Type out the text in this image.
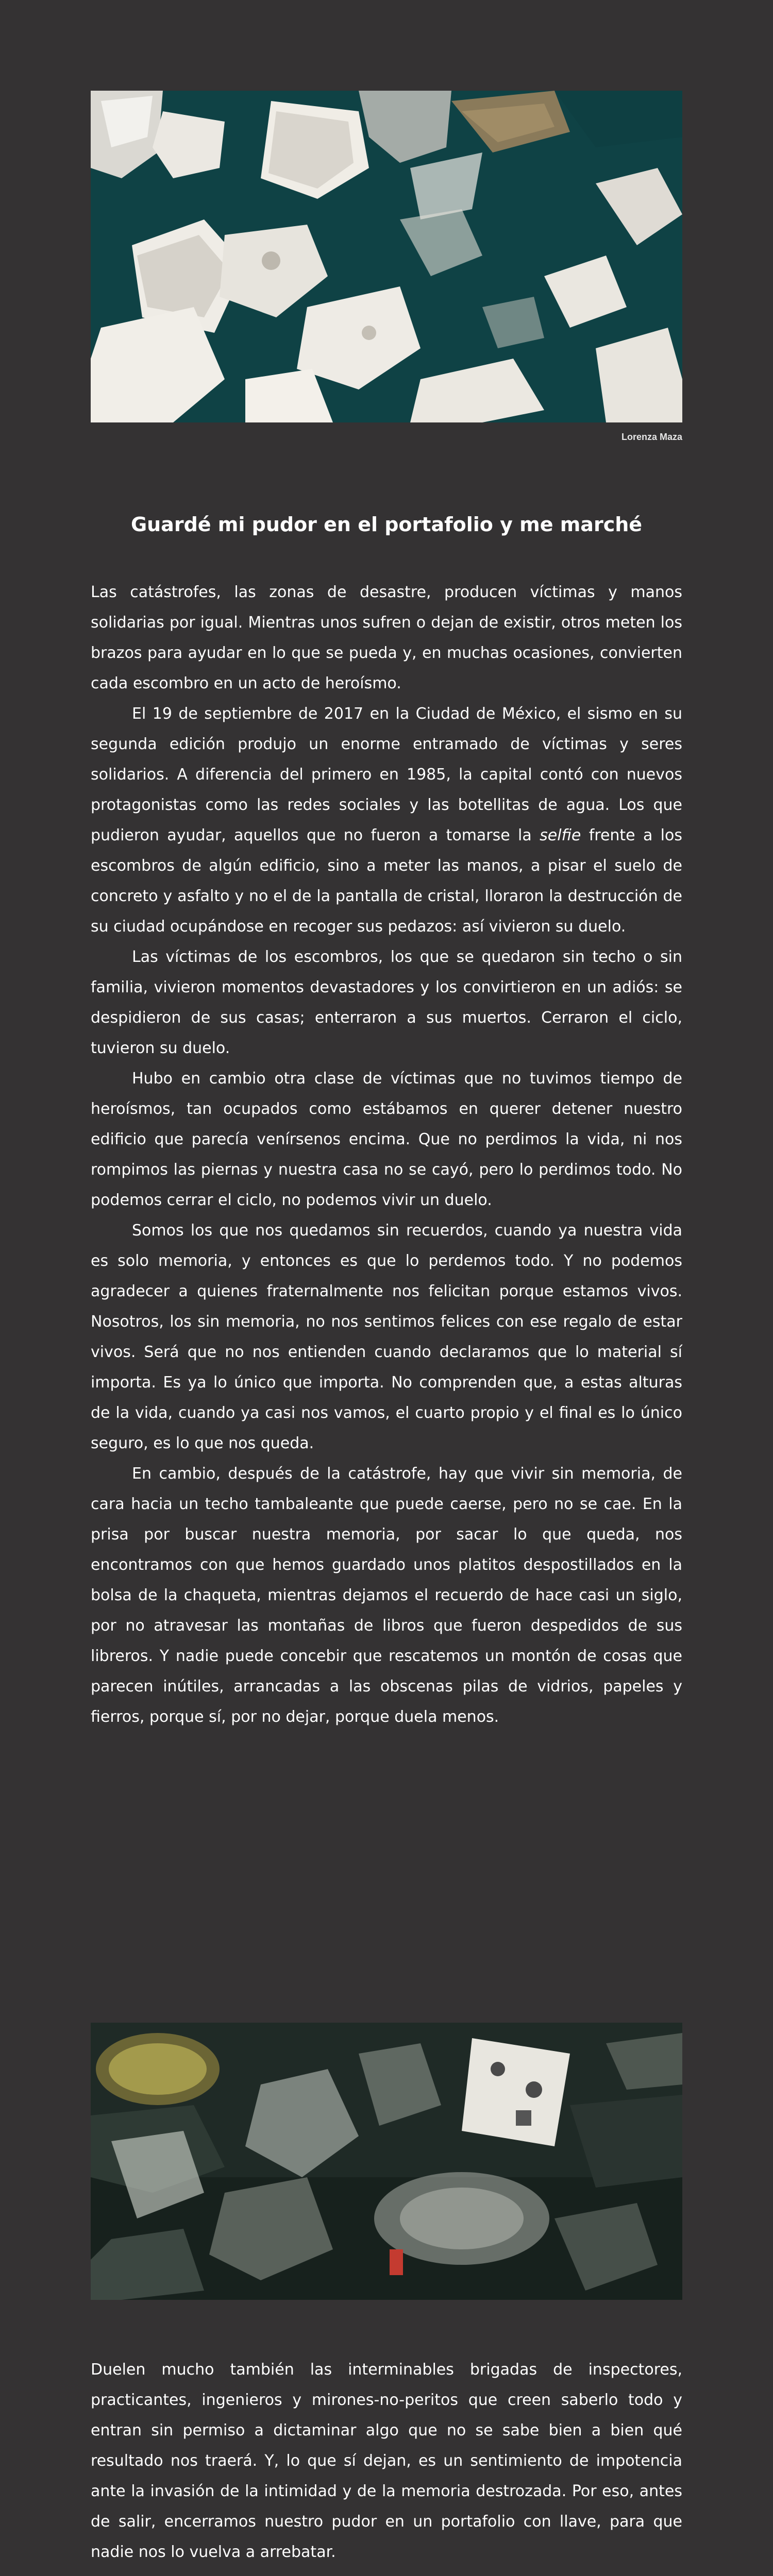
Lorenza Maza
Guardé mi pudor en el portafolio y me marché

Las catástrofes, las zonas de desastre, producen víctimas y manos solidarias por igual. Mientras unos sufren o dejan de existir, otros meten los brazos para ayudar en lo que se pueda y, en muchas ocasiones, convierten cada escombro en un acto de heroísmo.

El 19 de septiembre de 2017 en la Ciudad de México, el sismo en su segunda edición produjo un enorme entramado de víctimas y seres solidarios. A diferencia del primero en 1985, la capital contó con nuevos protagonistas como las redes sociales y las botellitas de agua. Los que pudieron ayudar, aquellos que no fueron a tomarse la selfie frente a los escombros de algún edificio, sino a meter las manos, a pisar el suelo de concreto y asfalto y no el de la pantalla de cristal, lloraron la destrucción de su ciudad ocupándose en recoger sus pedazos: así vivieron su duelo.

Las víctimas de los escombros, los que se quedaron sin techo o sin familia, vivieron momentos devastadores y los convirtieron en un adiós: se despidieron de sus casas; enterraron a sus muertos. Cerraron el ciclo, tuvieron su duelo.

Hubo en cambio otra clase de víctimas que no tuvimos tiempo de heroísmos, tan ocupados como estábamos en querer detener nuestro edificio que parecía venírsenos encima. Que no perdimos la vida, ni nos rompimos las piernas y nuestra casa no se cayó, pero lo perdimos todo. No podemos cerrar el ciclo, no podemos vivir un duelo.

Somos los que nos quedamos sin recuerdos, cuando ya nuestra vida es solo memoria, y entonces es que lo perdemos todo. Y no podemos agradecer a quienes fraternalmente nos felicitan porque estamos vivos. Nosotros, los sin memoria, no nos sentimos felices con ese regalo de estar vivos. Será que no nos entienden cuando declaramos que lo material sí importa. Es ya lo único que importa. No comprenden que, a estas alturas de la vida, cuando ya casi nos vamos, el cuarto propio y el final es lo único seguro, es lo que nos queda.

En cambio, después de la catástrofe, hay que vivir sin memoria, de cara hacia un techo tambaleante que puede caerse, pero no se cae. En la prisa por buscar nuestra memoria, por sacar lo que queda, nos encontramos con que hemos guardado unos platitos despostillados en la bolsa de la chaqueta, mientras dejamos el recuerdo de hace casi un siglo, por no atravesar las montañas de libros que fueron despedidos de sus libreros. Y nadie puede concebir que rescatemos un montón de cosas que parecen inútiles, arrancadas a las obscenas pilas de vidrios, papeles y fierros, porque sí, por no dejar, porque duela menos.

Duelen mucho también las interminables brigadas de inspectores, practicantes, ingenieros y mirones-no-peritos que creen saberlo todo y entran sin permiso a dictaminar algo que no se sabe bien a bien qué resultado nos traerá. Y, lo que sí dejan, es un sentimiento de impotencia ante la invasión de la intimidad y de la memoria destrozada. Por eso, antes de salir, encerramos nuestro pudor en un portafolio con llave, para que nadie nos lo vuelva a arrebatar.
